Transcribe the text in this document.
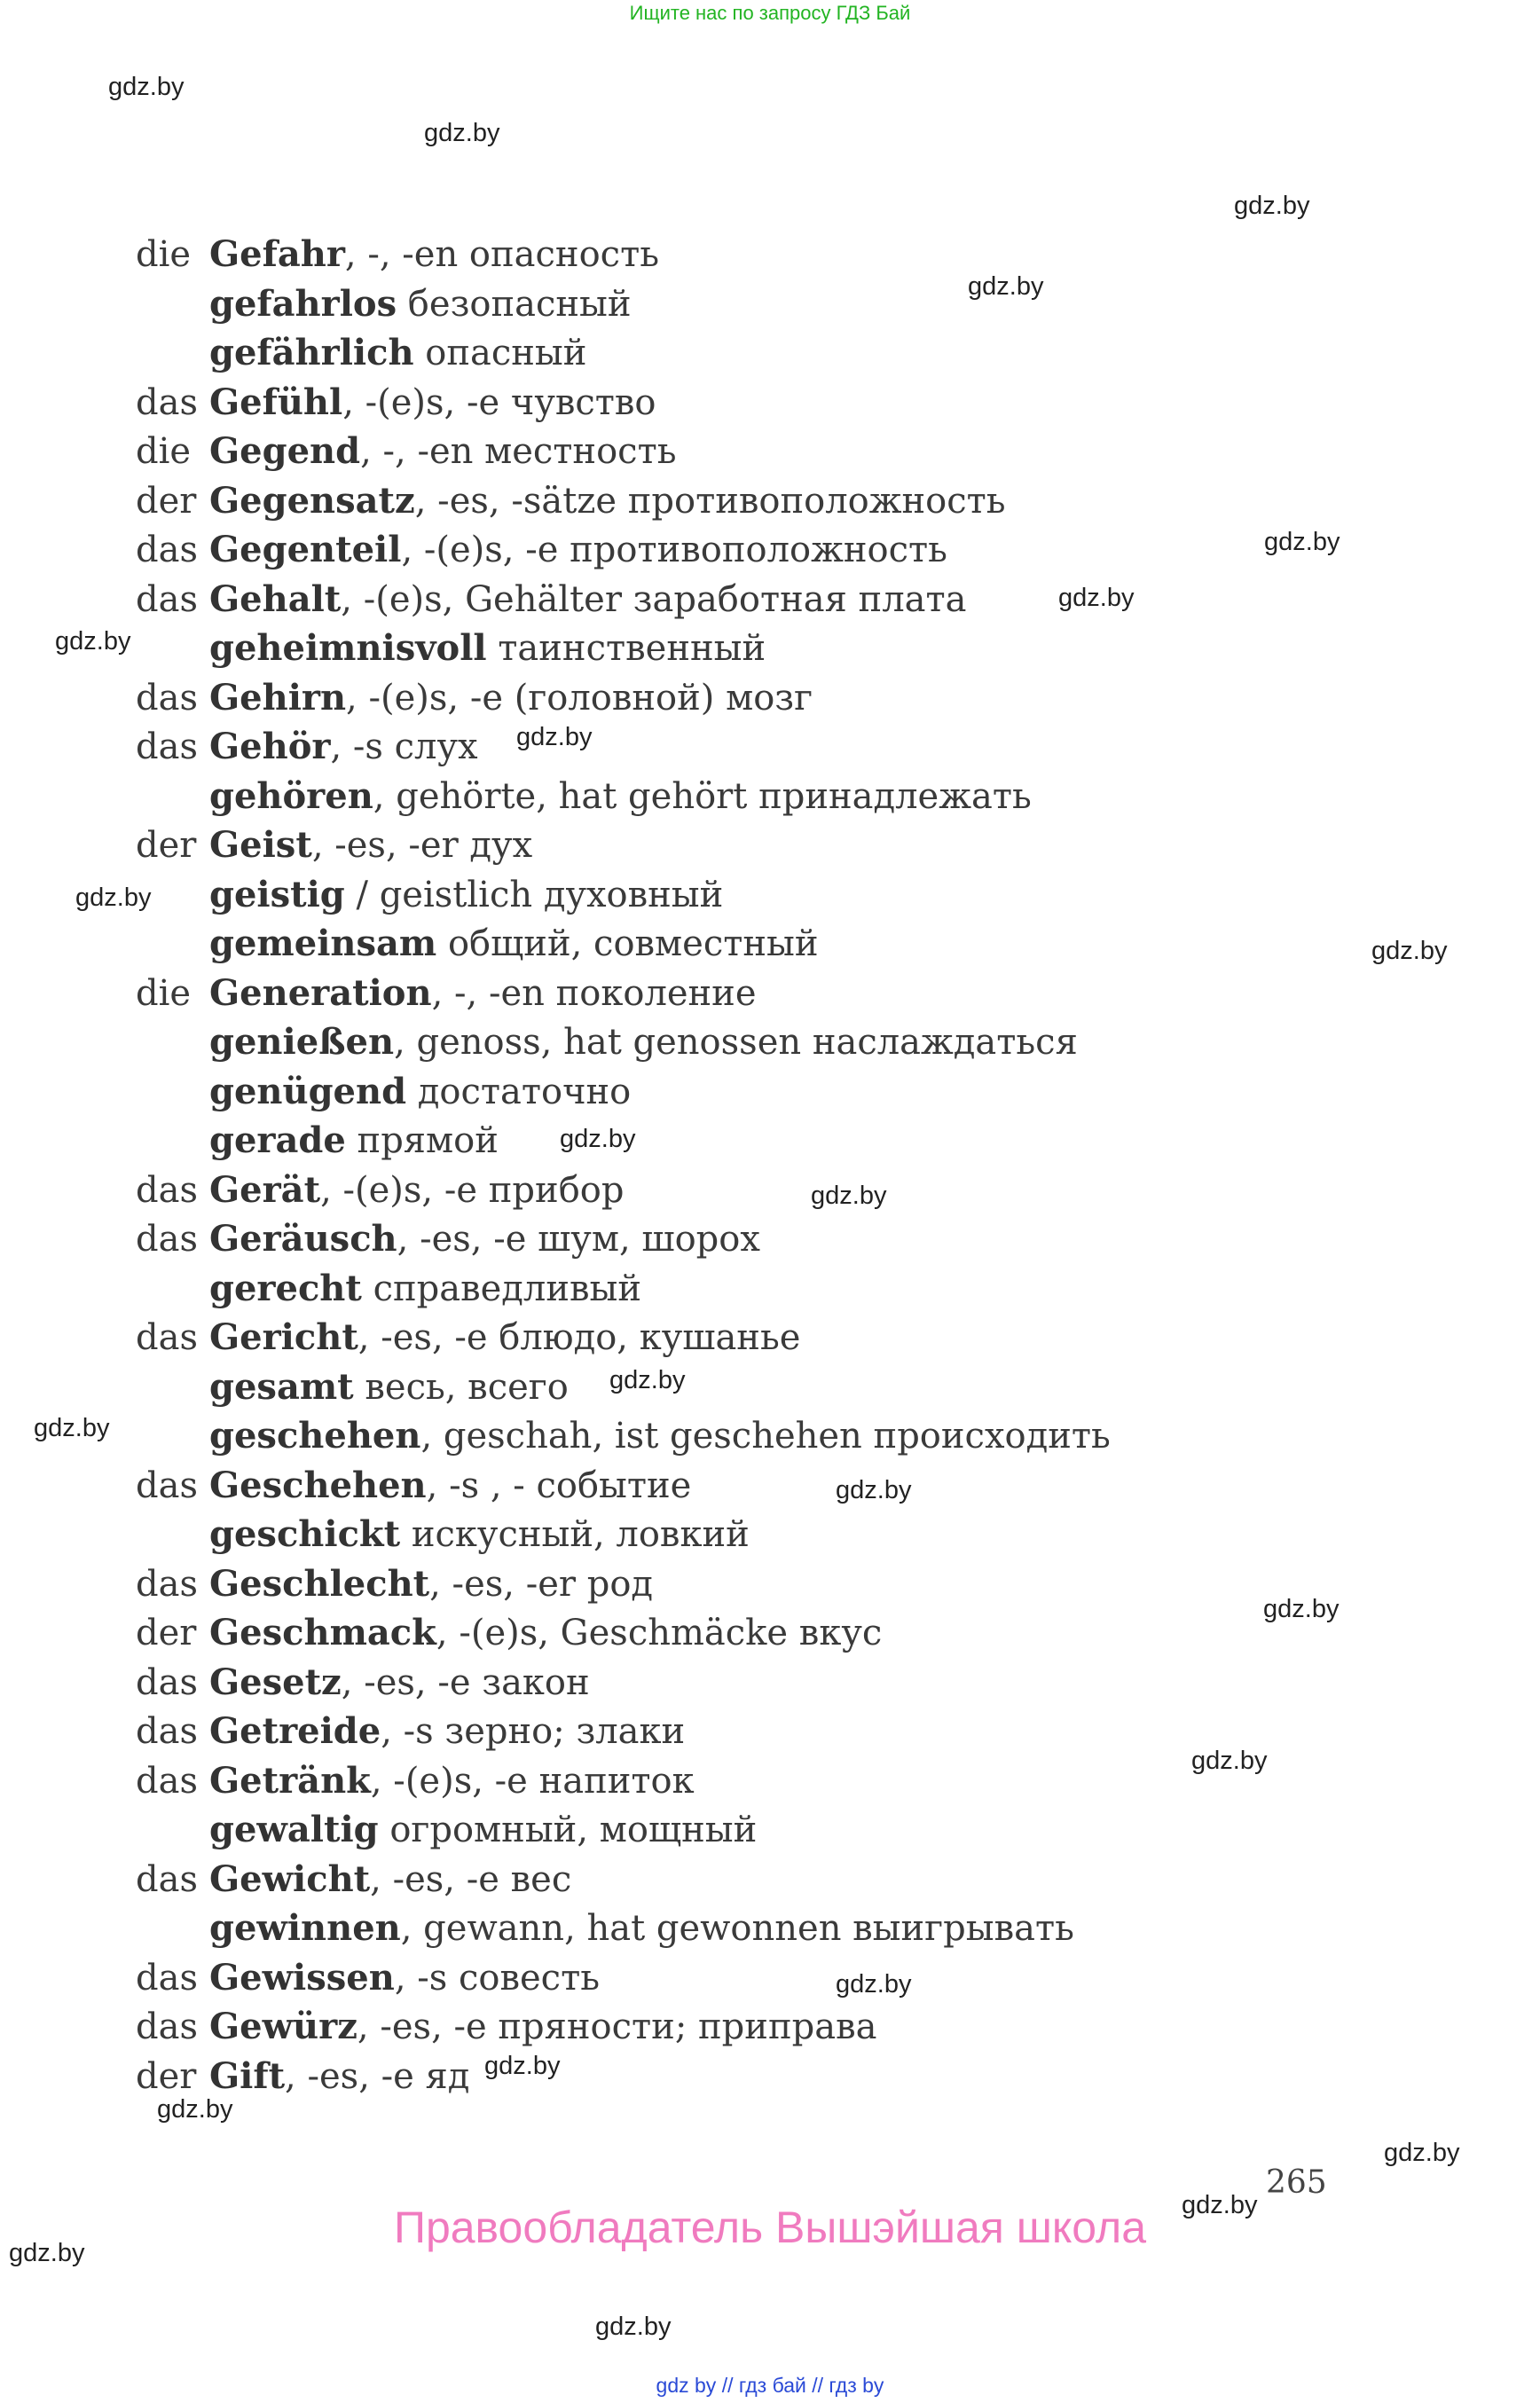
Ищите нас по запросу ГДЗ Бай
die Gefahr, -, -en опасность
gefahrlos безопасный
gefährlich опасный
das Gefühl, -(e)s, -e чувство
die Gegend, -, -en местность
der Gegensatz, -es, -sätze противоположность
das Gegenteil, -(e)s, -e противоположность
das Gehalt, -(e)s, Gehälter заработная плата
geheimnisvoll таинственный
das Gehirn, -(e)s, -e (головной) мозг
das Gehör, -s слух
gehören, gehörte, hat gehört принадлежать
der Geist, -es, -er дух
geistig / geistlich духовный
gemeinsam общий, совместный
die Generation, -, -en поколение
genießen, genoss, hat genossen наслаждаться
genügend достаточно
gerade прямой
das Gerät, -(e)s, -e прибор
das Geräusch, -es, -e шум, шорох
gerecht справедливый
das Gericht, -es, -e блюдо, кушанье
gesamt весь, всего
geschehen, geschah, ist geschehen происходить
das Geschehen, -s , - событие
geschickt искусный, ловкий
das Geschlecht, -es, -er род
der Geschmack, -(e)s, Geschmäcke вкус
das Gesetz, -es, -e закон
das Getreide, -s зерно; злаки
das Getränk, -(e)s, -e напиток
gewaltig огромный, мощный
das Gewicht, -es, -e вес
gewinnen, gewann, hat gewonnen выигрывать
das Gewissen, -s совесть
das Gewürz, -es, -e пряности; приправа
der Gift, -es, -e яд
gdz.by
gdz.by
gdz.by
gdz.by
gdz.by
gdz.by
gdz.by
gdz.by
gdz.by
gdz.by
gdz.by
gdz.by
gdz.by
gdz.by
gdz.by
gdz.by
gdz.by
gdz.by
gdz.by
gdz.by
gdz.by
gdz.by
gdz.by
gdz.by
265
Правообладатель Вышэйшая школа
gdz by // гдз бай // гдз by
